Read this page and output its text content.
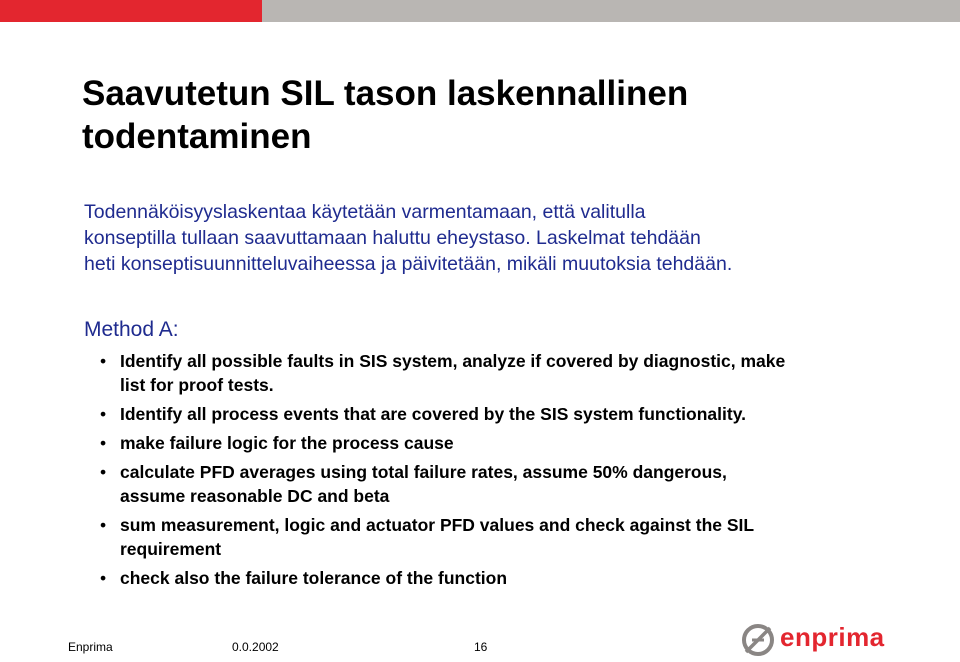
Saavutetun SIL tason laskennallinen
todentaminen

Todennäköisyyslaskentaa käytetään varmentamaan, että valitulla
konseptilla tullaan saavuttamaan haluttu eheystaso. Laskelmat tehdään
heti konseptisuunnitteluvaiheessa ja päivitetään, mikäli muutoksia tehdään.

Method A:

• Identify all possible faults in SIS system, analyze if covered by diagnostic, make
list for proof tests.
• Identify all process events that are covered by the SIS system functionality.
• make failure logic for the process cause
• calculate PFD averages using total failure rates, assume 50% dangerous,
assume reasonable DC and beta
• sum measurement, logic and actuator PFD values and check against the SIL
requirement
• check also the failure tolerance of the function
Enprima	0.0.2002	16	enprima
